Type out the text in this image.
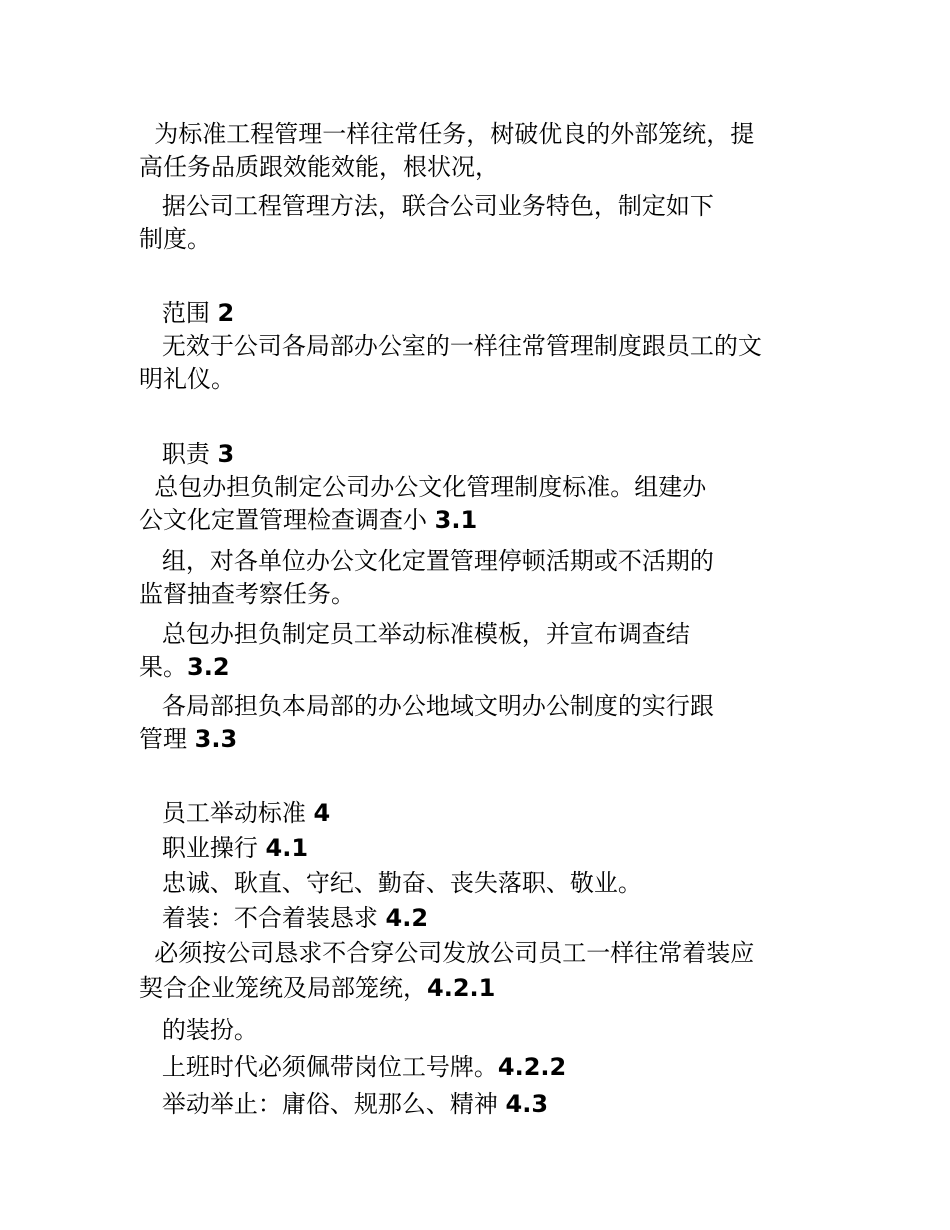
为标准工程管理一样往常任务，树破优良的外部笼统，提
高任务品质跟效能效能，根状况，
据公司工程管理方法，联合公司业务特色，制定如下
制度。
范围 2
无效于公司各局部办公室的一样往常管理制度跟员工的文
明礼仪。
职责 3
总包办担负制定公司办公文化管理制度标准。组建办
公文化定置管理检查调查小 3.1
组，对各单位办公文化定置管理停顿活期或不活期的
监督抽查考察任务。
总包办担负制定员工举动标准模板，并宣布调查结
果。3.2
各局部担负本局部的办公地域文明办公制度的实行跟
管理 3.3
员工举动标准 4
职业操行 4.1
忠诚、耿直、守纪、勤奋、丧失落职、敬业。
着装：不合着装恳求 4.2
必须按公司恳求不合穿公司发放公司员工一样往常着装应
契合企业笼统及局部笼统，4.2.1
的装扮。
上班时代必须佩带岗位工号牌。4.2.2
举动举止：庸俗、规那么、精神 4.3
